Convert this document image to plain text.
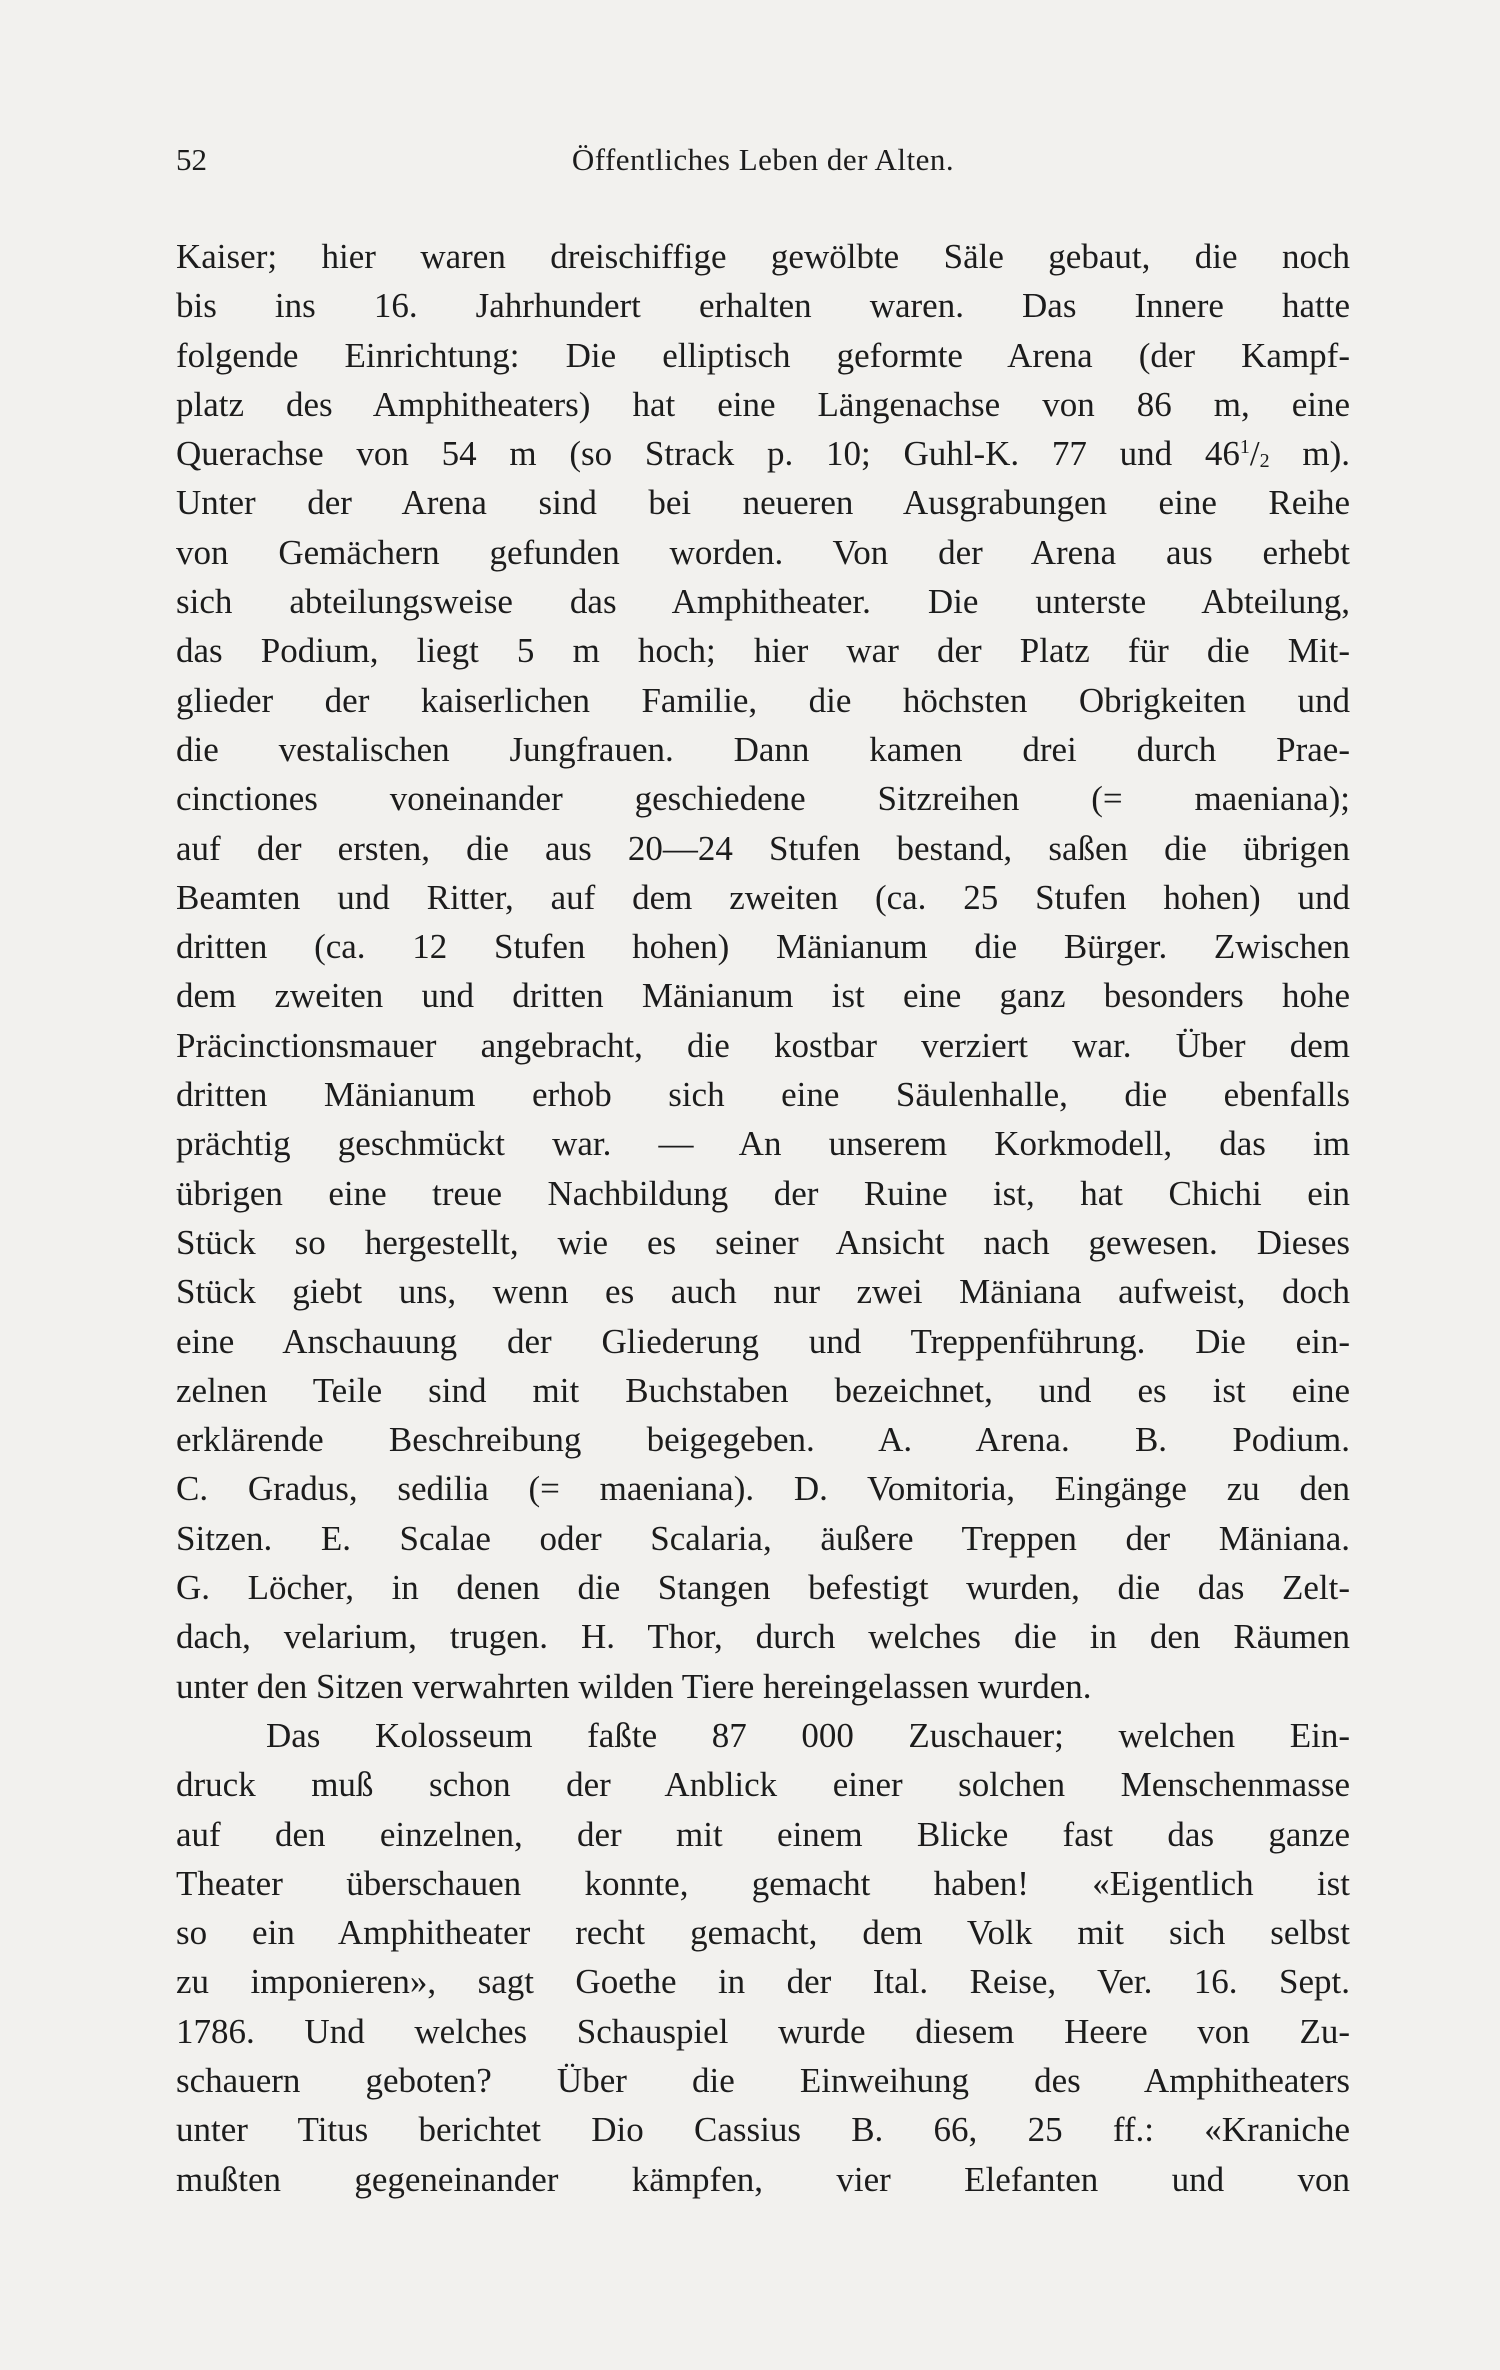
52	Öffentliches Leben der Alten.
Kaiser; hier waren dreischiffige gewölbte Säle gebaut, die noch
bis ins 16. Jahrhundert erhalten waren. Das Innere hatte
folgende Einrichtung: Die elliptisch geformte Arena (der Kampf-
platz des Amphitheaters) hat eine Längenachse von 86 m, eine
Querachse von 54 m (so Strack p. 10; Guhl-K. 77 und $46^1/_2$ m).
Unter der Arena sind bei neueren Ausgrabungen eine Reihe
von Gemächern gefunden worden. Von der Arena aus erhebt
sich abteilungsweise das Amphitheater. Die unterste Abteilung,
das Podium, liegt 5 m hoch; hier war der Platz für die Mit-
glieder der kaiserlichen Familie, die höchsten Obrigkeiten und
die vestalischen Jungfrauen. Dann kamen drei durch Prae-
cinctiones voneinander geschiedene Sitzreihen (= maeniana);
auf der ersten, die aus 20—24 Stufen bestand, saßen die übrigen
Beamten und Ritter, auf dem zweiten (ca. 25 Stufen hohen) und
dritten (ca. 12 Stufen hohen) Mänianum die Bürger. Zwischen
dem zweiten und dritten Mänianum ist eine ganz besonders hohe
Präcinctionsmauer angebracht, die kostbar verziert war. Über dem
dritten Mänianum erhob sich eine Säulenhalle, die ebenfalls
prächtig geschmückt war. — An unserem Korkmodell, das im
übrigen eine treue Nachbildung der Ruine ist, hat Chichi ein
Stück so hergestellt, wie es seiner Ansicht nach gewesen. Dieses
Stück giebt uns, wenn es auch nur zwei Mäniana aufweist, doch
eine Anschauung der Gliederung und Treppenführung. Die ein-
zelnen Teile sind mit Buchstaben bezeichnet, und es ist eine
erklärende Beschreibung beigegeben. A. Arena. B. Podium.
C. Gradus, sedilia (= maeniana). D. Vomitoria, Eingänge zu den
Sitzen. E. Scalae oder Scalaria, äußere Treppen der Mäniana.
G. Löcher, in denen die Stangen befestigt wurden, die das Zelt-
dach, velarium, trugen. H. Thor, durch welches die in den Räumen
unter den Sitzen verwahrten wilden Tiere hereingelassen wurden.
Das Kolosseum faßte 87 000 Zuschauer; welchen Ein-
druck muß schon der Anblick einer solchen Menschenmasse
auf den einzelnen, der mit einem Blicke fast das ganze
Theater überschauen konnte, gemacht haben! «Eigentlich ist
so ein Amphitheater recht gemacht, dem Volk mit sich selbst
zu imponieren», sagt Goethe in der Ital. Reise, Ver. 16. Sept.
1786. Und welches Schauspiel wurde diesem Heere von Zu-
schauern geboten? Über die Einweihung des Amphitheaters
unter Titus berichtet Dio Cassius B. 66, 25 ff.: «Kraniche
mußten gegeneinander kämpfen, vier Elefanten und von
